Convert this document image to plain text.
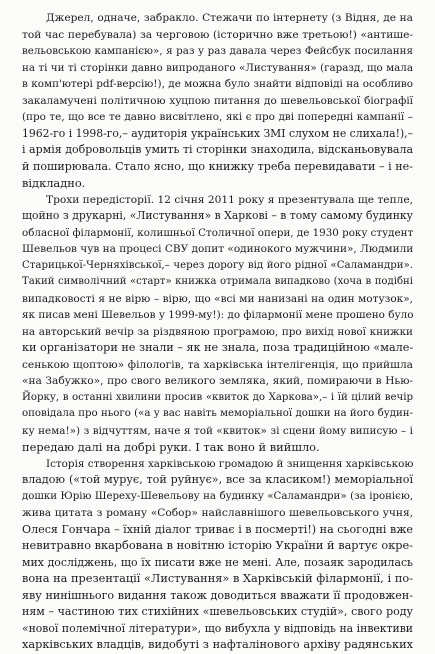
Джерел, одначе, забракло. Стежачи по інтернету (з Відня, де на
той час перебувала) за черговою (історично вже третьою!) «антише-
вельовською кампанією», я раз у раз давала через Фейсбук посилання
на ті чи ті сторінки давно випроданого «Листування» (гаразд, що мала
в комп'ютері pdf-версію!), де можна було знайти відповіді на особливо
закаламучені політичною хуцпою питання до шевельовської біографії
(про те, що все те давно висвітлено, які є про дві попередні кампанії –
1962-го і 1998-го,– аудиторія українських ЗМІ слухом не слихала!),–
і армія добровольців умить ті сторінки знаходила, відсканьовувала
й поширювала. Стало ясно, що книжку треба перевидавати – і не-
відкладно.
Трохи передісторії. 12 січня 2011 року я презентувала ще тепле,
щойно з друкарні, «Листування» в Харкові – в тому самому будинку
обласної філармонії, колишньої Столичної опери, де 1930 року студент
Шевельов чув на процесі СВУ допит «одинокого мужчини», Людмили
Старицької-Черняхівської,– через дорогу від його рідної «Саламандри».
Такий символічний «старт» книжка отримала випадково (хоча в подібні
випадковості я не вірю – вірю, що «всі ми нанизані на один мотузок»,
як писав мені Шевельов у 1999-му!): до філармонії мене прошено було
на авторський вечір за різдвяною програмою, про вихід нової книжки
ки організатори не знали – як не знала, поза традиційною «мале-
сенькою щоптою» філологів, та харківська інтелігенція, що прийшла
«на Забужко», про свого великого земляка, який, помираючи в Нью-
Йорку, в останні хвилини просив «квиток до Харкова»,– і їй цілий вечір
оповідала про нього («а у вас навіть меморіальної дошки на його будин-
ку нема!») з відчуттям, наче я той «квиток» зі сцени йому виписую – і
передаю далі на добрі руки. І так воно й вийшло.
Історія створення харківською громадою й знищення харківською
владою («той мурує, той руйнує», все за класиком!) меморіальної
дошки Юрію Шереху-Шевельову на будинку «Саламандри» (за іронією,
жива цитата з роману «Собор» найславнішого шевельовського учня,
Олеся Гончара – їхній діалог триває і в посмерті!) на сьогодні вже
невитравно вкарбована в новітню історію України й вартує окре-
мих досліджень, що їх писати вже не мені. Але, позаяк зародилась
вона на презентації «Листування» в Харківській філармонії, і по-
яву нинішнього видання також доводиться вважати її продовжен-
ням – частиною тих стихійних «шевельовських студій», свого роду
«нової полемічної літератури», що вибухла у відповідь на інвективи
харківських владців, видобуті з нафталінового архіву радянських
